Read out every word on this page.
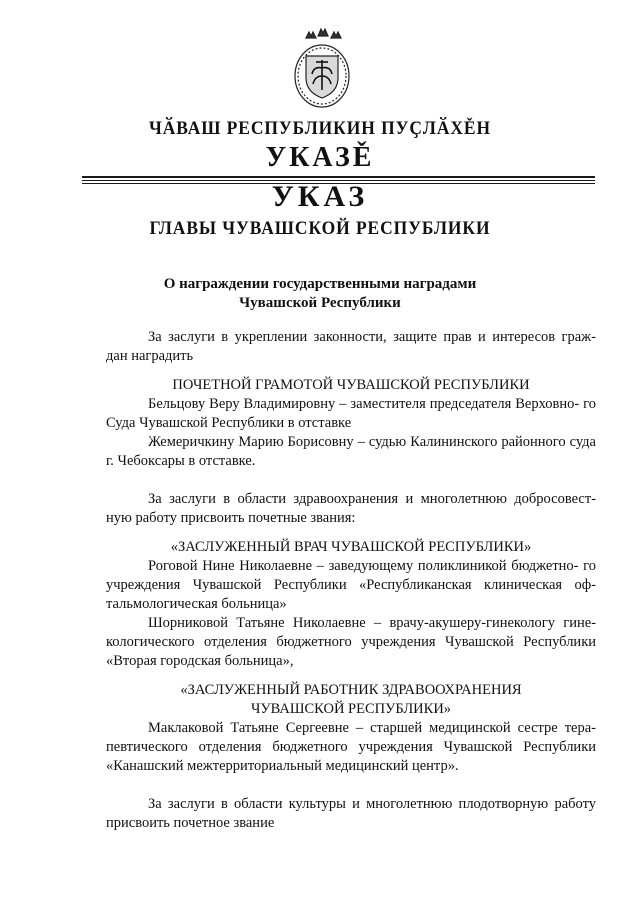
ЧӐВАШ РЕСПУБЛИКИН ПУҪЛӐХĚН
УКАЗĚ
УКАЗ
ГЛАВЫ ЧУВАШСКОЙ РЕСПУБЛИКИ
О награждении государственными наградами
Чувашской Республики

За заслуги в укреплении законности, защите прав и интересов граж- дан наградить

ПОЧЕТНОЙ ГРАМОТОЙ ЧУВАШСКОЙ РЕСПУБЛИКИ

Бельцову Веру Владимировну – заместителя председателя Верховно- го Суда Чувашской Республики в отставке

Жемеричкину Марию Борисовну – судью Калининского районного суда г. Чебоксары в отставке.

За заслуги в области здравоохранения и многолетнюю добросовест- ную работу присвоить почетные звания:

«ЗАСЛУЖЕННЫЙ ВРАЧ ЧУВАШСКОЙ РЕСПУБЛИКИ»

Роговой Нине Николаевне – заведующему поликлиникой бюджетно- го учреждения Чувашской Республики «Республиканская клиническая оф- тальмологическая больница»

Шорниковой Татьяне Николаевне – врачу-акушеру-гинекологу гине- кологического отделения бюджетного учреждения Чувашской Республики «Вторая городская больница»,

«ЗАСЛУЖЕННЫЙ РАБОТНИК ЗДРАВООХРАНЕНИЯ

ЧУВАШСКОЙ РЕСПУБЛИКИ»

Маклаковой Татьяне Сергеевне – старшей медицинской сестре тера- певтического отделения бюджетного учреждения Чувашской Республики «Канашский межтерриториальный медицинский центр».

За заслуги в области культуры и многолетнюю плодотворную работу присвоить почетное звание
